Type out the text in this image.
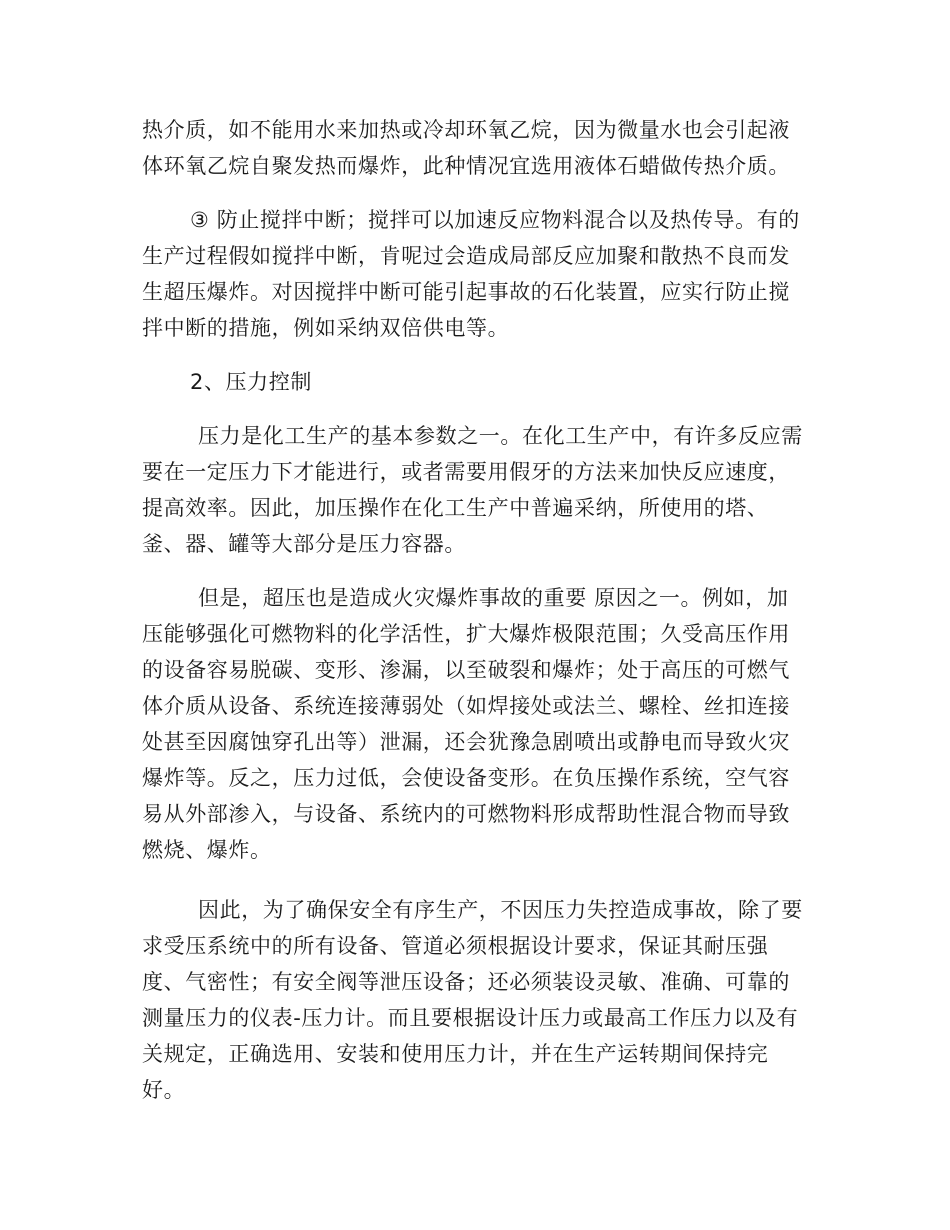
热介质，如不能用水来加热或冷却环氧乙烷，因为微量水也会引起液
体环氧乙烷自聚发热而爆炸，此种情况宜选用液体石蜡做传热介质。
③ 防止搅拌中断；搅拌可以加速反应物料混合以及热传导。有的
生产过程假如搅拌中断，肯呢过会造成局部反应加聚和散热不良而发
生超压爆炸。对因搅拌中断可能引起事故的石化装置，应实行防止搅
拌中断的措施，例如采纳双倍供电等。
2、压力控制
压力是化工生产的基本参数之一。在化工生产中，有许多反应需
要在一定压力下才能进行，或者需要用假牙的方法来加快反应速度，
提高效率。因此，加压操作在化工生产中普遍采纳，所使用的塔、
釜、器、罐等大部分是压力容器。
但是，超压也是造成火灾爆炸事故的重要 原因之一。例如，加
压能够强化可燃物料的化学活性，扩大爆炸极限范围；久受高压作用
的设备容易脱碳、变形、渗漏，以至破裂和爆炸；处于高压的可燃气
体介质从设备、系统连接薄弱处（如焊接处或法兰、螺栓、丝扣连接
处甚至因腐蚀穿孔出等）泄漏，还会犹豫急剧喷出或静电而导致火灾
爆炸等。反之，压力过低，会使设备变形。在负压操作系统，空气容
易从外部渗入，与设备、系统内的可燃物料形成帮助性混合物而导致
燃烧、爆炸。
因此，为了确保安全有序生产，不因压力失控造成事故，除了要
求受压系统中的所有设备、管道必须根据设计要求，保证其耐压强
度、气密性；有安全阀等泄压设备；还必须装设灵敏、准确、可靠的
测量压力的仪表-压力计。而且要根据设计压力或最高工作压力以及有
关规定，正确选用、安装和使用压力计，并在生产运转期间保持完
好。
